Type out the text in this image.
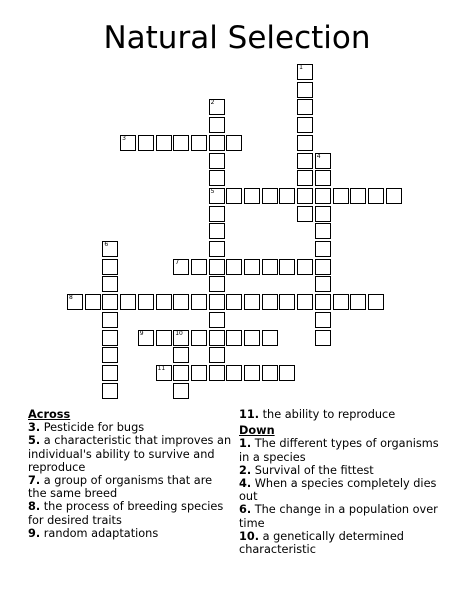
Natural Selection
1
2
5
3
4
6
7
8
9	10
11
Across

3. Pesticide for bugs

5. a characteristic that improves an individual's ability to survive and reproduce

7. a group of organisms that are the same breed

8. the process of breeding species for desired traits

9. random adaptations

11. the ability to reproduce

Down

1. The different types of organisms in a species

2. Survival of the fittest

4. When a species completely dies out

6. The change in a population over time

10. a genetically determined characteristic
